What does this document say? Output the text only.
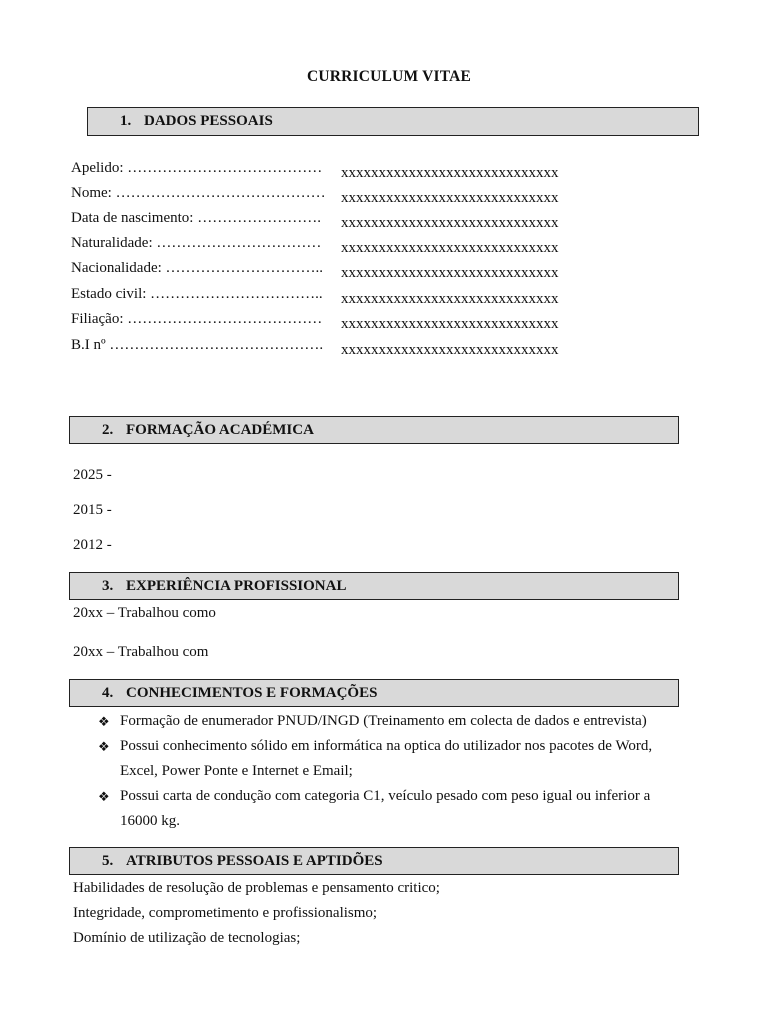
CURRICULUM VITAE
1. DADOS PESSOAIS
Apelido: ………………………………… xxxxxxxxxxxxxxxxxxxxxxxxxxxxx
Nome: …………………………………… xxxxxxxxxxxxxxxxxxxxxxxxxxxxx
Data de nascimento: ……………………. xxxxxxxxxxxxxxxxxxxxxxxxxxxxx
Naturalidade: …………………………… xxxxxxxxxxxxxxxxxxxxxxxxxxxxx
Nacionalidade: ………………………….. xxxxxxxxxxxxxxxxxxxxxxxxxxxxx
Estado civil: …………………………….. xxxxxxxxxxxxxxxxxxxxxxxxxxxxx
Filiação: ………………………………… xxxxxxxxxxxxxxxxxxxxxxxxxxxxx
B.I nº ……………………………………. xxxxxxxxxxxxxxxxxxxxxxxxxxxxx
2. FORMAÇÃO ACADÉMICA
2025 -
2015 -
2012 -
3. EXPERIÊNCIA PROFISSIONAL
20xx – Trabalhou como
20xx – Trabalhou com
4. CONHECIMENTOS E FORMAÇÕES
❖ Formação de enumerador PNUD/INGD (Treinamento em colecta de dados e entrevista)
❖ Possui conhecimento sólido em informática na optica do utilizador nos pacotes de Word, Excel, Power Ponte e Internet e Email;
❖ Possui carta de condução com categoria C1, veículo pesado com peso igual ou inferior a 16000 kg.
5. ATRIBUTOS PESSOAIS E APTIDÕES
Habilidades de resolução de problemas e pensamento critico;
Integridade, comprometimento e profissionalismo;
Domínio de utilização de tecnologias;
